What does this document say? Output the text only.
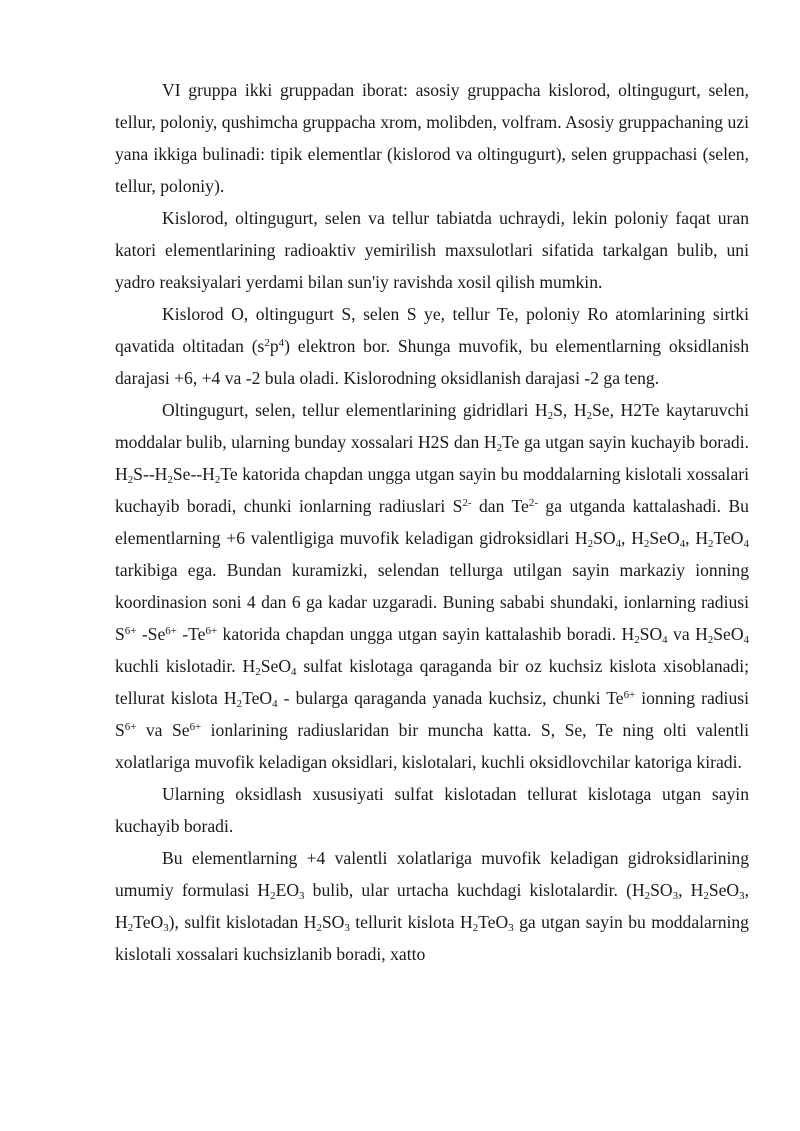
VI gruppa ikki gruppadan iborat: asosiy gruppacha kislorod, oltingugurt, selen, tellur, poloniy, qushimcha gruppacha xrom, molibden, volfram. Asosiy gruppachaning uzi yana ikkiga bulinadi: tipik elementlar (kislorod va oltingugurt), selen gruppachasi (selen, tellur, poloniy).

Kislorod, oltingugurt, selen va tellur tabiatda uchraydi, lekin poloniy faqat uran katori elementlarining radioaktiv yemirilish maxsulotlari sifatida tarkalgan bulib, uni yadro reaksiyalari yerdami bilan sun'iy ravishda xosil qilish mumkin.

Kislorod O, oltingugurt S, selen S ye, tellur Te, poloniy Ro atomlarining sirtki qavatida oltitadan $(s^2p^4)$ elektron bor. Shunga muvofik, bu elementlarning oksidlanish darajasi +6, +4 va -2 bula oladi. Kislorodning oksidlanish darajasi -2 ga teng.

Oltingugurt, selen, tellur elementlarining gidridlari $H_2S$, $H_2Se$, H2Te kaytaruvchi moddalar bulib, ularning bunday xossalari H2S dan $H_2Te$ ga utgan sayin kuchayib boradi. $H_2S--H_2Se--H_2Te$ katorida chapdan ungga utgan sayin bu moddalarning kislotali xossalari kuchayib boradi, chunki ionlarning radiuslari $S^{2-}$ dan $Te^{2-}$ ga utganda kattalashadi. Bu elementlarning +6 valentligiga muvofik keladigan gidroksidlari $H_2SO_4$, $H_2SeO_4$, $H_2TeO_4$ tarkibiga ega. Bundan kuramizki, selendan tellurga utilgan sayin markaziy ionning koordinasion soni 4 dan 6 ga kadar uzgaradi. Buning sababi shundaki, ionlarning radiusi $S^{6+}$ $-Se^{6+}$ $-Te^{6+}$ katorida chapdan ungga utgan sayin kattalashib boradi. $H_2SO_4$ va $H_2SeO_4$ kuchli kislotadir. $H_2SeO_4$ sulfat kislotaga qaraganda bir oz kuchsiz kislota xisoblanadi; tellurat kislota $H_2TeO_4$ - bularga qaraganda yanada kuchsiz, chunki $Te^{6+}$ ionning radiusi $S^{6+}$ va $Se^{6+}$ ionlarining radiuslaridan bir muncha katta. S, Se, Te ning olti valentli xolatlariga muvofik keladigan oksidlari, kislotalari, kuchli oksidlovchilar katoriga kiradi.

Ularning oksidlash xususiyati sulfat kislotadan tellurat kislotaga utgan sayin kuchayib boradi.

Bu elementlarning +4 valentli xolatlariga muvofik keladigan gidroksidlarining umumiy formulasi $H_2EO_3$ bulib, ular urtacha kuchdagi kislotalardir. ($H_2SO_3$, $H_2SeO_3$, $H_2TeO_3$), sulfit kislotadan $H_2SO_3$ tellurit kislota $H_2TeO_3$ ga utgan sayin bu moddalarning kislotali xossalari kuchsizlanib boradi, xatto
